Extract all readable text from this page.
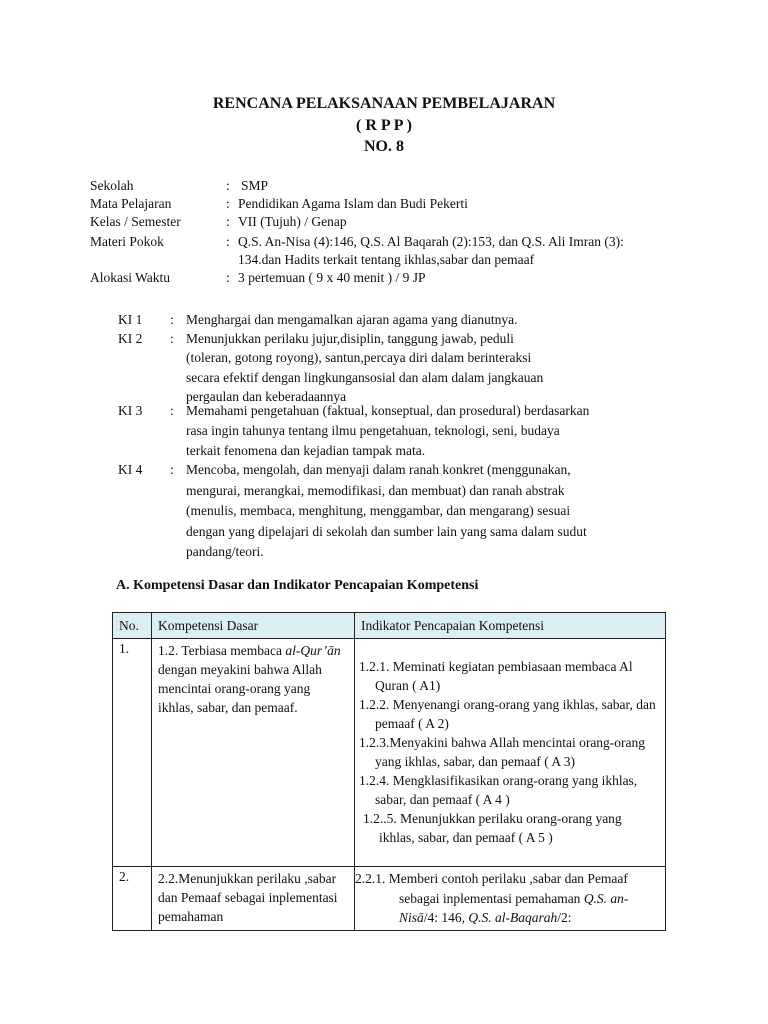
RENCANA PELAKSANAAN PEMBELAJARAN
( R P P )
NO. 8
Sekolah	: SMP
Mata Pelajaran	: Pendidikan Agama Islam dan Budi Pekerti
Kelas / Semester	: VII (Tujuh) / Genap
Materi Pokok	: Q.S. An-Nisa (4):146, Q.S. Al Baqarah (2):153, dan Q.S. Ali Imran (3):
134.dan Hadits terkait tentang ikhlas,sabar dan pemaaf
Alokasi Waktu	: 3 pertemuan ( 9 x 40 menit ) / 9 JP
KI 1 : Menghargai dan mengamalkan ajaran agama yang dianutnya.
KI 2 : Menunjukkan perilaku jujur,disiplin, tanggung jawab, peduli
(toleran, gotong royong), santun,percaya diri dalam berinteraksi
secara efektif dengan lingkungansosial dan alam dalam jangkauan
pergaulan dan keberadaannya
KI 3 : Memahami pengetahuan (faktual, konseptual, dan prosedural) berdasarkan
rasa ingin tahunya tentang ilmu pengetahuan, teknologi, seni, budaya
terkait fenomena dan kejadian tampak mata.
KI 4 : Mencoba, mengolah, dan menyaji dalam ranah konkret (menggunakan,
mengurai, merangkai, memodifikasi, dan membuat) dan ranah abstrak
(menulis, membaca, menghitung, menggambar, dan mengarang) sesuai
dengan yang dipelajari di sekolah dan sumber lain yang sama dalam sudut
pandang/teori.
A. Kompetensi Dasar dan Indikator Pencapaian Kompetensi
No.	Kompetensi Dasar	Indikator Pencapaian Kompetensi
1.	1.2. Terbiasa membaca al-Qur’ān dengan meyakini bahwa Allah mencintai orang-orang yang ikhlas, sabar, dan pemaaf.	1.2.1. Meminati kegiatan pembiasaan membaca Al Quran ( A1)
1.2.2. Menyenangi orang-orang yang ikhlas, sabar, dan pemaaf ( A 2)
1.2.3.Menyakini bahwa Allah mencintai orang-orang yang ikhlas, sabar, dan pemaaf ( A 3)
1.2.4. Mengklasifikasikan orang-orang yang ikhlas, sabar, dan pemaaf ( A 4 )
1.2..5. Menunjukkan perilaku orang-orang yang ikhlas, sabar, dan pemaaf ( A 5 )

2.	2.2.Menunjukkan perilaku ,sabar dan Pemaaf sebagai inplementasi pemahaman	2.2.1. Memberi contoh perilaku ,sabar dan Pemaaf sebagai inplementasi pemahaman Q.S. an-Nisā/4: 146, Q.S. al-Baqarah/2:
